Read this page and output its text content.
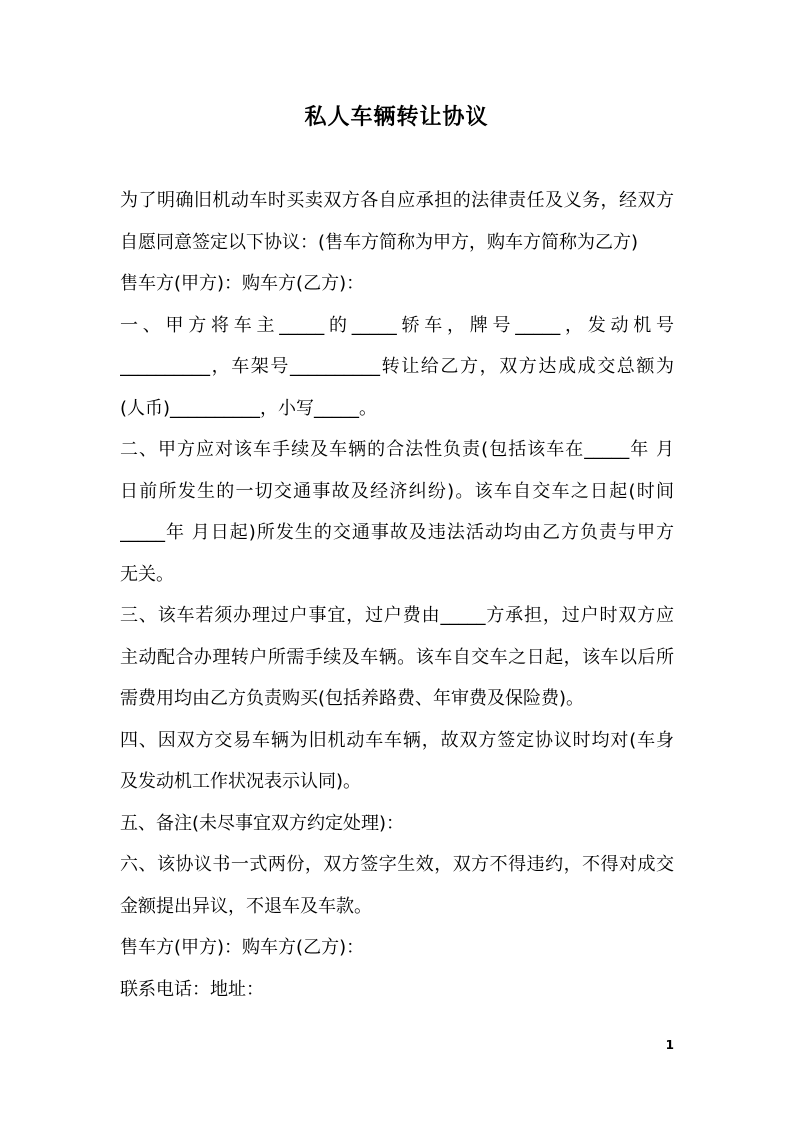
私人车辆转让协议
为了明确旧机动车时买卖双方各自应承担的法律责任及义务，经双方
自愿同意签定以下协议：(售车方简称为甲方，购车方简称为乙方)
售车方(甲方)：购车方(乙方)：
一、甲方将车主_____的_____轿车，牌号_____，发动机号
__________，车架号__________转让给乙方，双方达成成交总额为
(人币)__________，小写_____。
二、甲方应对该车手续及车辆的合法性负责(包括该车在_____年 月
日前所发生的一切交通事故及经济纠纷)。该车自交车之日起(时间
_____年 月日起)所发生的交通事故及违法活动均由乙方负责与甲方
无关。
三、该车若须办理过户事宜，过户费由_____方承担，过户时双方应
主动配合办理转户所需手续及车辆。该车自交车之日起，该车以后所
需费用均由乙方负责购买(包括养路费、年审费及保险费)。
四、因双方交易车辆为旧机动车车辆，故双方签定协议时均对(车身
及发动机工作状况表示认同)。
五、备注(未尽事宜双方约定处理)：
六、该协议书一式两份，双方签字生效，双方不得违约，不得对成交
金额提出异议，不退车及车款。
售车方(甲方)：购车方(乙方)：
联系电话：地址：
1
